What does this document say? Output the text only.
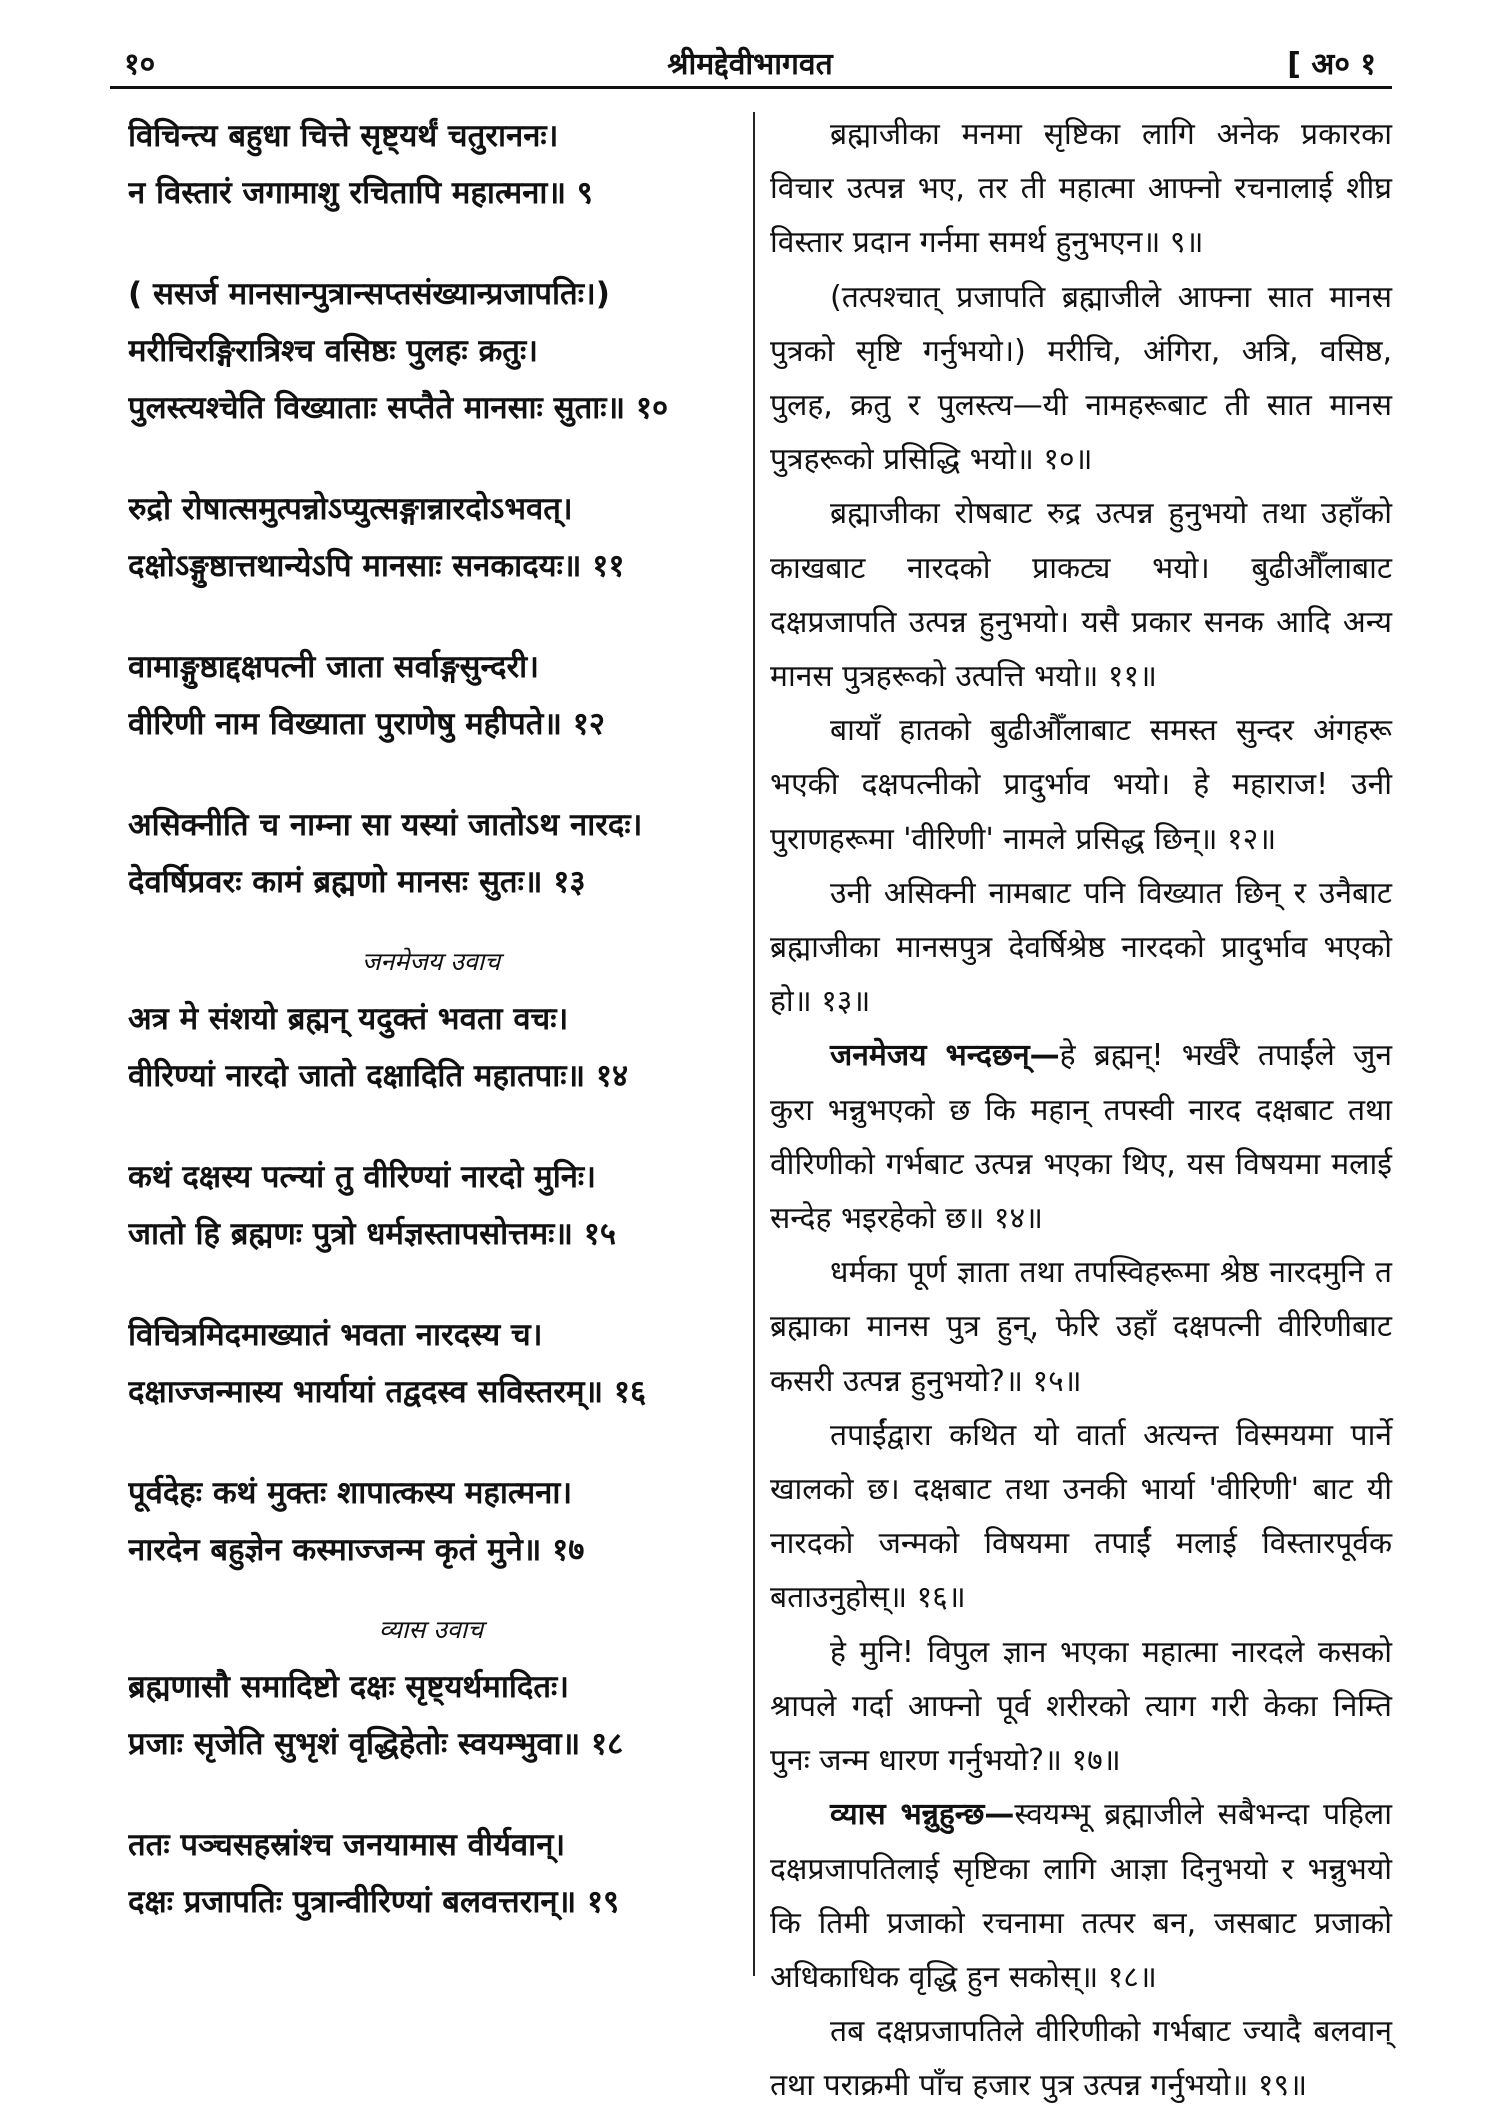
१०	श्रीमद्देवीभागवत	[ अ० १
विचिन्त्य बहुधा चित्ते सृष्ट्यर्थं चतुराननः।
न विस्तारं जगामाशु रचितापि महात्मना॥ ९
( ससर्ज मानसान्पुत्रान्सप्तसंख्यान्प्रजापतिः।)
मरीचिरङ्गिरात्रिश्च वसिष्ठः पुलहः क्रतुः।
पुलस्त्यश्चेति विख्याताः सप्तैते मानसाः सुताः॥ १०
रुद्रो रोषात्समुत्पन्नोऽप्युत्सङ्गान्नारदोऽभवत्।
दक्षोऽङ्गुष्ठात्तथान्येऽपि मानसाः सनकादयः॥ ११
वामाङ्गुष्ठाद्दक्षपत्नी जाता सर्वाङ्गसुन्दरी।
वीरिणी नाम विख्याता पुराणेषु महीपते॥ १२
असिक्नीति च नाम्ना सा यस्यां जातोऽथ नारदः।
देवर्षिप्रवरः कामं ब्रह्मणो मानसः सुतः॥ १३
जनमेजय उवाच
अत्र मे संशयो ब्रह्मन् यदुक्तं भवता वचः।
वीरिण्यां नारदो जातो दक्षादिति महातपाः॥ १४
कथं दक्षस्य पत्न्यां तु वीरिण्यां नारदो मुनिः।
जातो हि ब्रह्मणः पुत्रो धर्मज्ञस्तापसोत्तमः॥ १५
विचित्रमिदमाख्यातं भवता नारदस्य च।
दक्षाज्जन्मास्य भार्यायां तद्वदस्व सविस्तरम्॥ १६
पूर्वदेहः कथं मुक्तः शापात्कस्य महात्मना।
नारदेन बहुज्ञेन कस्माज्जन्म कृतं मुने॥ १७
व्यास उवाच
ब्रह्मणासौ समादिष्टो दक्षः सृष्ट्यर्थमादितः।
प्रजाः सृजेति सुभृशं वृद्धिहेतोः स्वयम्भुवा॥ १८
ततः पञ्चसहस्रांश्च जनयामास वीर्यवान्।
दक्षः प्रजापतिः पुत्रान्वीरिण्यां बलवत्तरान्॥ १९

ब्रह्माजीका मनमा सृष्टिका लागि अनेक प्रकारका विचार उत्पन्न भए, तर ती महात्मा आफ्नो रचनालाई शीघ्र विस्तार प्रदान गर्नमा समर्थ हुनुभएन॥ ९॥

(तत्पश्चात् प्रजापति ब्रह्माजीले आफ्ना सात मानस पुत्रको सृष्टि गर्नुभयो।) मरीचि, अंगिरा, अत्रि, वसिष्ठ, पुलह, क्रतु र पुलस्त्य—यी नामहरूबाट ती सात मानस पुत्रहरूको प्रसिद्धि भयो॥ १०॥

ब्रह्माजीका रोषबाट रुद्र उत्पन्न हुनुभयो तथा उहाँको काखबाट नारदको प्राकट्य भयो। बुढीऔँलाबाट दक्षप्रजापति उत्पन्न हुनुभयो। यसै प्रकार सनक आदि अन्य मानस पुत्रहरूको उत्पत्ति भयो॥ ११॥

बायाँ हातको बुढीऔँलाबाट समस्त सुन्दर अंगहरू भएकी दक्षपत्नीको प्रादुर्भाव भयो। हे महाराज! उनी पुराणहरूमा 'वीरिणी' नामले प्रसिद्ध छिन्॥ १२॥

उनी असिक्नी नामबाट पनि विख्यात छिन् र उनैबाट ब्रह्माजीका मानसपुत्र देवर्षिश्रेष्ठ नारदको प्रादुर्भाव भएको हो॥ १३॥

जनमेजय भन्दछन्—हे ब्रह्मन्! भर्खरै तपाईंले जुन कुरा भन्नुभएको छ कि महान् तपस्वी नारद दक्षबाट तथा वीरिणीको गर्भबाट उत्पन्न भएका थिए, यस विषयमा मलाई सन्देह भइरहेको छ॥ १४॥

धर्मका पूर्ण ज्ञाता तथा तपस्विहरूमा श्रेष्ठ नारदमुनि त ब्रह्माका मानस पुत्र हुन्, फेरि उहाँ दक्षपत्नी वीरिणीबाट कसरी उत्पन्न हुनुभयो?॥ १५॥

तपाईंद्वारा कथित यो वार्ता अत्यन्त विस्मयमा पार्ने खालको छ। दक्षबाट तथा उनकी भार्या 'वीरिणी' बाट यी नारदको जन्मको विषयमा तपाईं मलाई विस्तारपूर्वक बताउनुहोस्॥ १६॥

हे मुनि! विपुल ज्ञान भएका महात्मा नारदले कसको श्रापले गर्दा आफ्नो पूर्व शरीरको त्याग गरी केका निम्ति पुनः जन्म धारण गर्नुभयो?॥ १७॥

व्यास भन्नुहुन्छ—स्वयम्भू ब्रह्माजीले सबैभन्दा पहिला दक्षप्रजापतिलाई सृष्टिका लागि आज्ञा दिनुभयो र भन्नुभयो कि तिमी प्रजाको रचनामा तत्पर बन, जसबाट प्रजाको अधिकाधिक वृद्धि हुन सकोस्॥ १८॥

तब दक्षप्रजापतिले वीरिणीको गर्भबाट ज्यादै बलवान् तथा पराक्रमी पाँच हजार पुत्र उत्पन्न गर्नुभयो॥ १९॥
